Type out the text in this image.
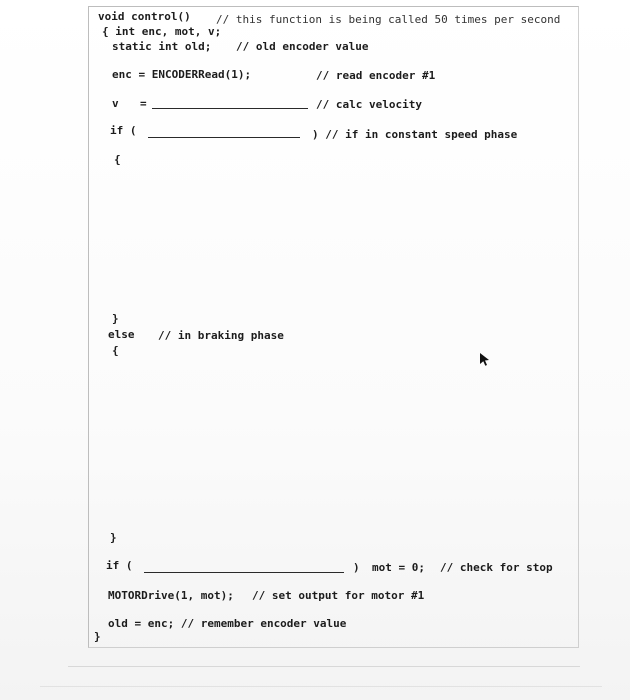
void control() // this function is being called 50 times per second
{ int enc, mot, v;
static int old; // old encoder value
enc = ENCODERRead(1);	// read encoder #1
v =	// calc velocity
if (	) // if in constant speed phase
{
}
else // in braking phase
{
}
if (	) mot = 0; // check for stop
MOTORDrive(1, mot); // set output for motor #1
old = enc; // remember encoder value
}
